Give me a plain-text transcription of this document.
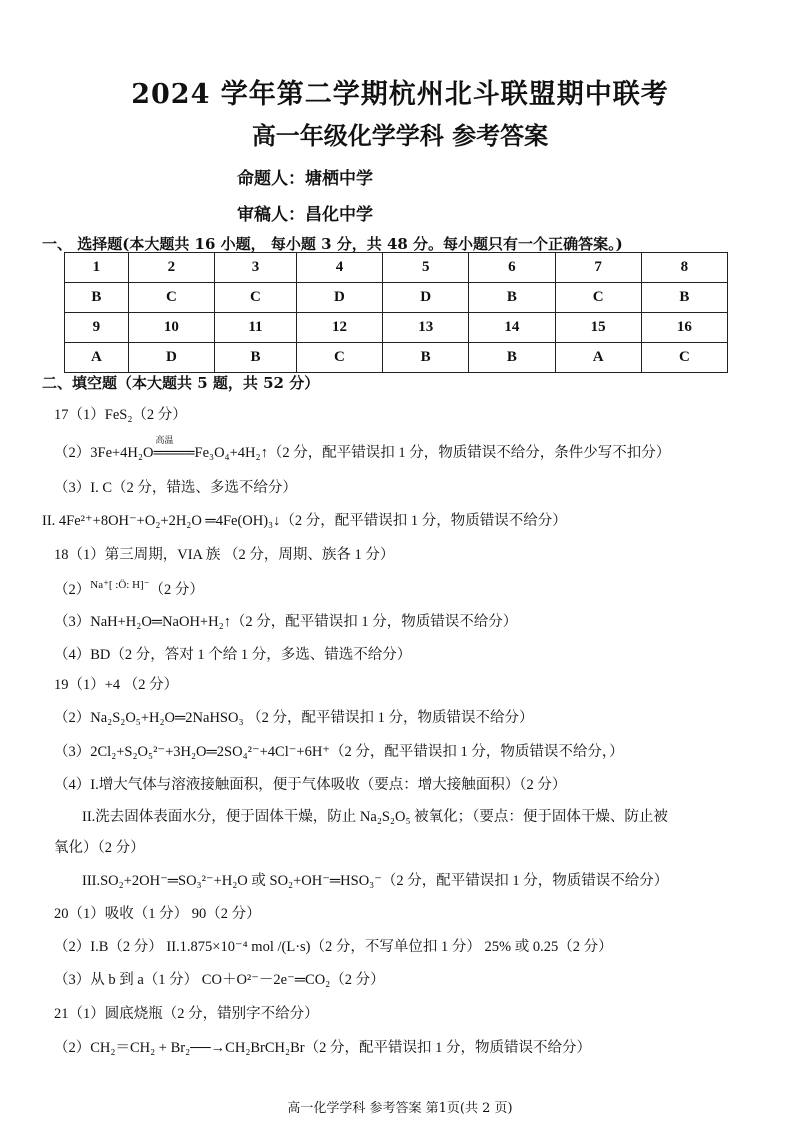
2024 学年第二学期杭州北斗联盟期中联考
高一年级化学学科 参考答案
命题人：塘栖中学
审稿人：昌化中学
一、 选择题(本大题共 16 小题， 每小题 3 分，共 48 分。每小题只有一个正确答案。)
1	2	3	4	5	6	7	8
B	C	C	D	D	B	C	B
9	10	11	12	13	14	15	16
A	D	B	C	B	B	A	C
二、填空题（本大题共 5 题，共 52 分）
17（1）FeS₂（2 分）
（2）3Fe+4H₂O
高温
════Fe₃O₄+4H₂↑（2 分，配平错误扣 1 分，物质错误不给分，条件少写不扣分）
（3）I. C（2 分，错选、多选不给分）
II. 4Fe²⁺+8OH⁻+O₂+2H₂O ═4Fe(OH)₃↓（2 分，配平错误扣 1 分，物质错误不给分）
18（1）第三周期，VIA 族 （2 分，周期、族各 1 分）
$(2)^{Na^+[ :Ö: H]^-}(2$ 分）
（3）NaH+H₂O═NaOH+H₂↑（2 分，配平错误扣 1 分，物质错误不给分）
（4）BD（2 分，答对 1 个给 1 分，多选、错选不给分）
19（1）+4 （2 分）
（2）Na₂S₂O₅+H₂O═2NaHSO₃ （2 分，配平错误扣 1 分，物质错误不给分）
（3）2Cl₂+S₂O₅²⁻+3H₂O═2SO₄²⁻+4Cl⁻+6H⁺（2 分，配平错误扣 1 分，物质错误不给分，）
（4）I.增大气体与溶液接触面积，便于气体吸收（要点：增大接触面积）（2 分）
II.洗去固体表面水分，便于固体干燥，防止 Na₂S₂O₅ 被氧化；（要点：便于固体干燥、防止被
氧化）（2 分）
III.SO₂+2OH⁻═SO₃²⁻+H₂O 或 SO₂+OH⁻═HSO₃⁻（2 分，配平错误扣 1 分，物质错误不给分）
20（1）吸收（1 分） 90（2 分）
（2）I.B（2 分） II.1.875×10⁻⁴ mol /(L·s)（2 分，不写单位扣 1 分） 25% 或 0.25（2 分）
（3）从 b 到 a（1 分） CO＋O²⁻－2e⁻═CO₂（2 分）
21（1）圆底烧瓶（2 分，错别字不给分）
（2）CH₂＝CH₂ + Br₂──→CH₂BrCH₂Br（2 分，配平错误扣 1 分，物质错误不给分）
高一化学学科 参考答案 第1页(共 2 页)
